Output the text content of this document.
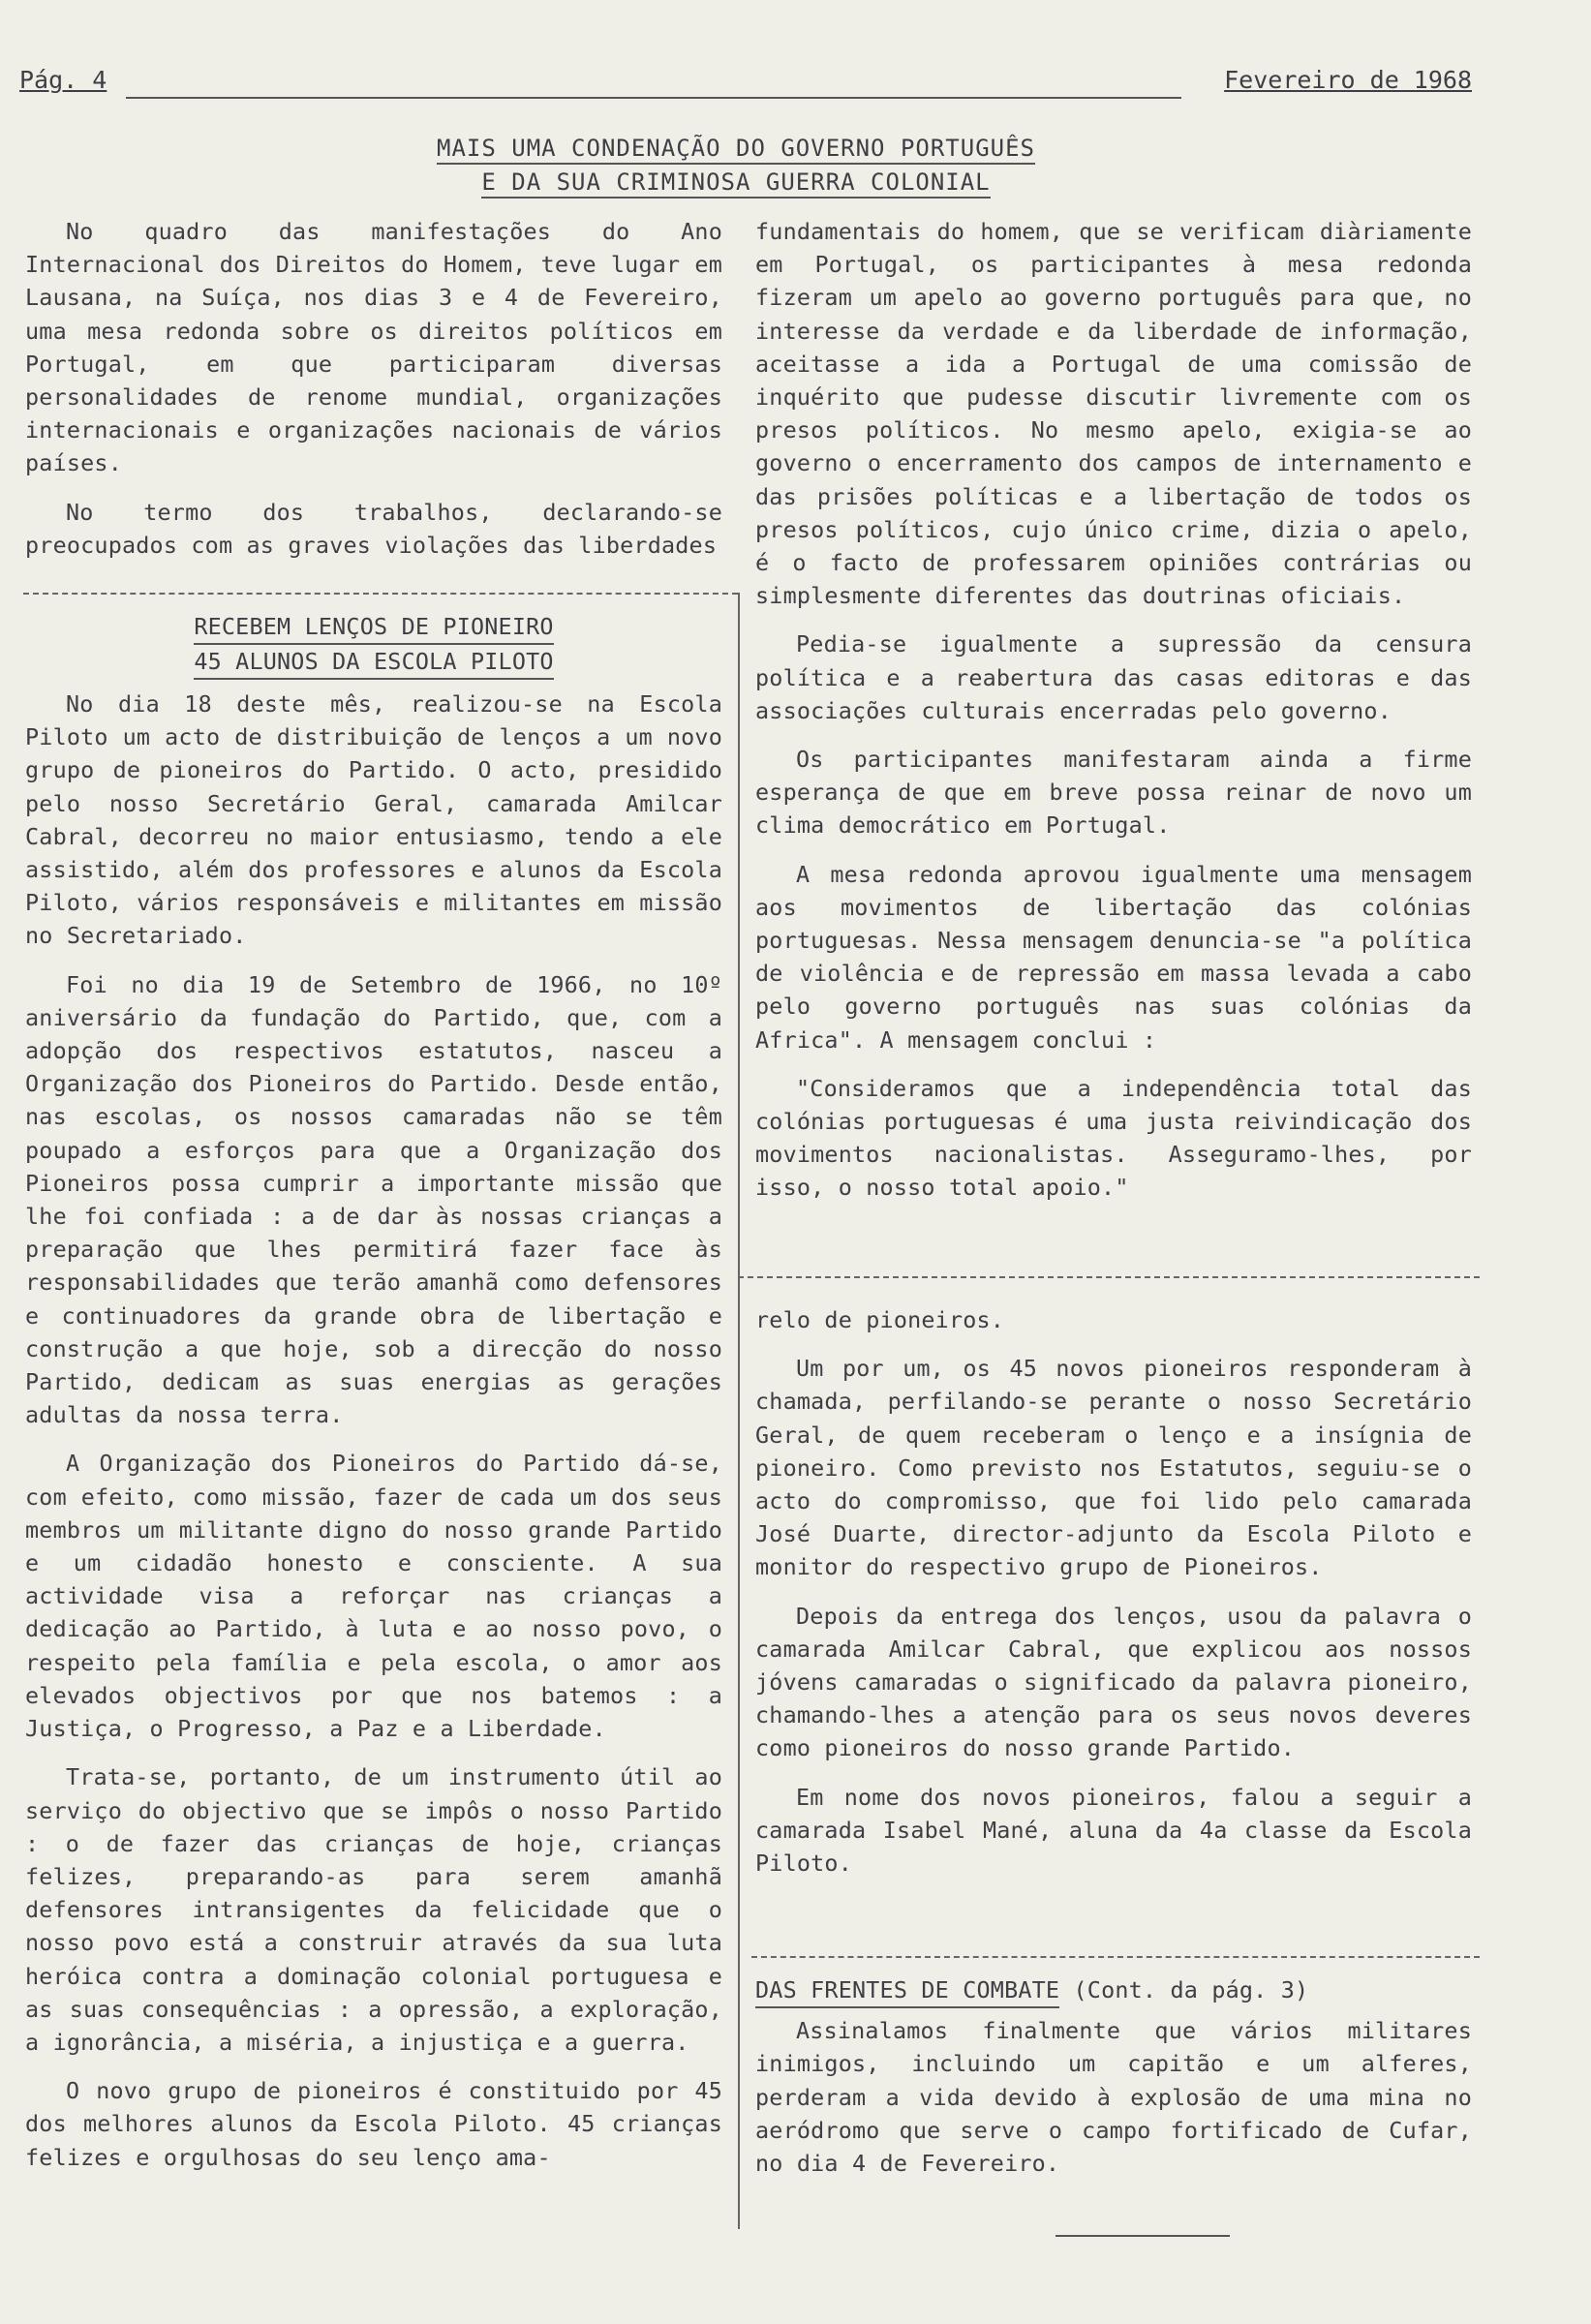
Pág. 4	Fevereiro de 1968
MAIS UMA CONDENAÇÃO DO GOVERNO PORTUGUÊS
E DA SUA CRIMINOSA GUERRA COLONIAL

No quadro das manifestações do Ano Internacional dos Direitos do Homem, teve lugar em Lausana, na Suíça, nos dias 3 e 4 de Fevereiro, uma mesa redonda sobre os direitos políticos em Portugal, em que participaram diversas personalidades de renome mundial, organizações internacionais e organizações nacionais de vários países.

No termo dos trabalhos, declarando-se preocupados com as graves violações das liberdades

RECEBEM LENÇOS DE PIONEIRO
45 ALUNOS DA ESCOLA PILOTO

No dia 18 deste mês, realizou-se na Escola Piloto um acto de distribuição de lenços a um novo grupo de pioneiros do Partido. O acto, presidido pelo nosso Secretário Geral, camarada Amilcar Cabral, decorreu no maior entusiasmo, tendo a ele assistido, além dos professores e alunos da Escola Piloto, vários responsáveis e militantes em missão no Secretariado.

Foi no dia 19 de Setembro de 1966, no 10º aniversário da fundação do Partido, que, com a adopção dos respectivos estatutos, nasceu a Organização dos Pioneiros do Partido. Desde então, nas escolas, os nossos camaradas não se têm poupado a esforços para que a Organização dos Pioneiros possa cumprir a importante missão que lhe foi confiada : a de dar às nossas crianças a preparação que lhes permitirá fazer face às responsabilidades que terão amanhã como defensores e continuadores da grande obra de libertação e construção a que hoje, sob a direcção do nosso Partido, dedicam as suas energias as gerações adultas da nossa terra.

A Organização dos Pioneiros do Partido dá-se, com efeito, como missão, fazer de cada um dos seus membros um militante digno do nosso grande Partido e um cidadão honesto e consciente. A sua actividade visa a reforçar nas crianças a dedicação ao Partido, à luta e ao nosso povo, o respeito pela família e pela escola, o amor aos elevados objectivos por que nos batemos : a Justiça, o Progresso, a Paz e a Liberdade.

Trata-se, portanto, de um instrumento útil ao serviço do objectivo que se impôs o nosso Partido : o de fazer das crianças de hoje, crianças felizes, preparando-as para serem amanhã defensores intransigentes da felicidade que o nosso povo está a construir através da sua luta heróica contra a dominação colonial portuguesa e as suas consequências : a opressão, a exploração, a ignorância, a miséria, a injustiça e a guerra.

O novo grupo de pioneiros é constituido por 45 dos melhores alunos da Escola Piloto. 45 crianças felizes e orgulhosas do seu lenço ama-

fundamentais do homem, que se verificam diàriamente em Portugal, os participantes à mesa redonda fizeram um apelo ao governo português para que, no interesse da verdade e da liberdade de informação, aceitasse a ida a Portugal de uma comissão de inquérito que pudesse discutir livremente com os presos políticos. No mesmo apelo, exigia-se ao governo o encerramento dos campos de internamento e das prisões políticas e a libertação de todos os presos políticos, cujo único crime, dizia o apelo, é o facto de professarem opiniões contrárias ou simplesmente diferentes das doutrinas oficiais.

Pedia-se igualmente a supressão da censura política e a reabertura das casas editoras e das associações culturais encerradas pelo governo.

Os participantes manifestaram ainda a firme esperança de que em breve possa reinar de novo um clima democrático em Portugal.

A mesa redonda aprovou igualmente uma mensagem aos movimentos de libertação das colónias portuguesas. Nessa mensagem denuncia-se "a política de violência e de repressão em massa levada a cabo pelo governo português nas suas colónias da Africa". A mensagem conclui :

"Consideramos que a independência total das colónias portuguesas é uma justa reivindicação dos movimentos nacionalistas. Asseguramo-lhes, por isso, o nosso total apoio."

relo de pioneiros.

Um por um, os 45 novos pioneiros responderam à chamada, perfilando-se perante o nosso Secretário Geral, de quem receberam o lenço e a insígnia de pioneiro. Como previsto nos Estatutos, seguiu-se o acto do compromisso, que foi lido pelo camarada José Duarte, director-adjunto da Escola Piloto e monitor do respectivo grupo de Pioneiros.

Depois da entrega dos lenços, usou da palavra o camarada Amilcar Cabral, que explicou aos nossos jóvens camaradas o significado da palavra pioneiro, chamando-lhes a atenção para os seus novos deveres como pioneiros do nosso grande Partido.

Em nome dos novos pioneiros, falou a seguir a camarada Isabel Mané, aluna da 4a classe da Escola Piloto.

DAS FRENTES DE COMBATE (Cont. da pág. 3)

Assinalamos finalmente que vários militares inimigos, incluindo um capitão e um alferes, perderam a vida devido à explosão de uma mina no aeródromo que serve o campo fortificado de Cufar, no dia 4 de Fevereiro.
